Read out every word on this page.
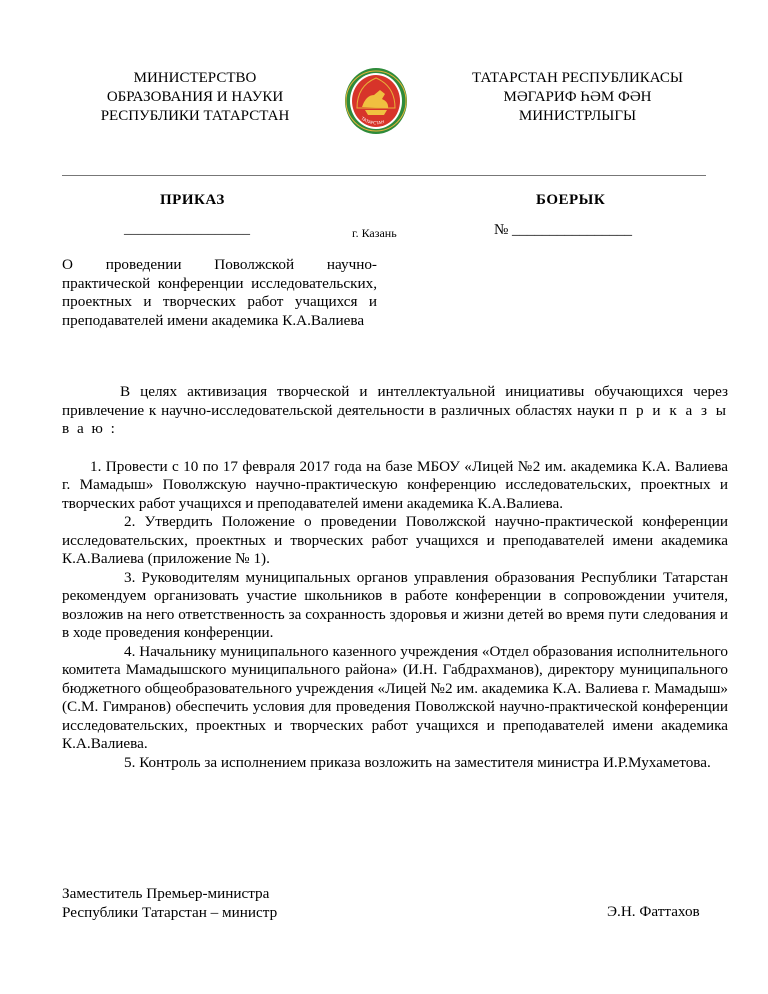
МИНИСТЕРСТВО
ОБРАЗОВАНИЯ И НАУКИ
РЕСПУБЛИКИ ТАТАРСТАН	ТАТАРСТАН
ТАТАРСТАН РЕСПУБЛИКАСЫ
МӘГАРИФ ҺӘМ ФӘН
МИНИСТРЛЫГЫ
ПРИКАЗ	БОЕРЫК
__________________	г. Казань	№ ________________
О проведении Поволжской научно-практической конференции исследовательских, проектных и творческих работ учащихся и преподавателей имени академика К.А.Валиева

В целях активизация творческой и интеллектуальной инициативы обучающихся через привлечение к научно-исследовательской деятельности в различных областях науки п р и к а з ы в а ю :

1. Провести с 10 по 17 февраля 2017 года на базе МБОУ «Лицей №2 им. академика К.А. Валиева г. Мамадыш» Поволжскую научно-практическую конференцию исследовательских, проектных и творческих работ учащихся и преподавателей имени академика К.А.Валиева.

2. Утвердить Положение о проведении Поволжской научно-практической конференции исследовательских, проектных и творческих работ учащихся и преподавателей имени академика К.А.Валиева (приложение № 1).

3. Руководителям муниципальных органов управления образования Республики Татарстан рекомендуем организовать участие школьников в работе конференции в сопровождении учителя, возложив на него ответственность за сохранность здоровья и жизни детей во время пути следования и в ходе проведения конференции.

4. Начальнику муниципального казенного учреждения «Отдел образования исполнительного комитета Мамадышского муниципального района» (И.Н. Габдрахманов), директору муниципального бюджетного общеобразовательного учреждения «Лицей №2 им. академика К.А. Валиева г. Мамадыш» (С.М. Гимранов) обеспечить условия для проведения Поволжской научно-практической конференции исследовательских, проектных и творческих работ учащихся и преподавателей имени академика К.А.Валиева.

5. Контроль за исполнением приказа возложить на заместителя министра И.Р.Мухаметова.

Заместитель Премьер-министра
Республики Татарстан – министр	Э.Н. Фаттахов
